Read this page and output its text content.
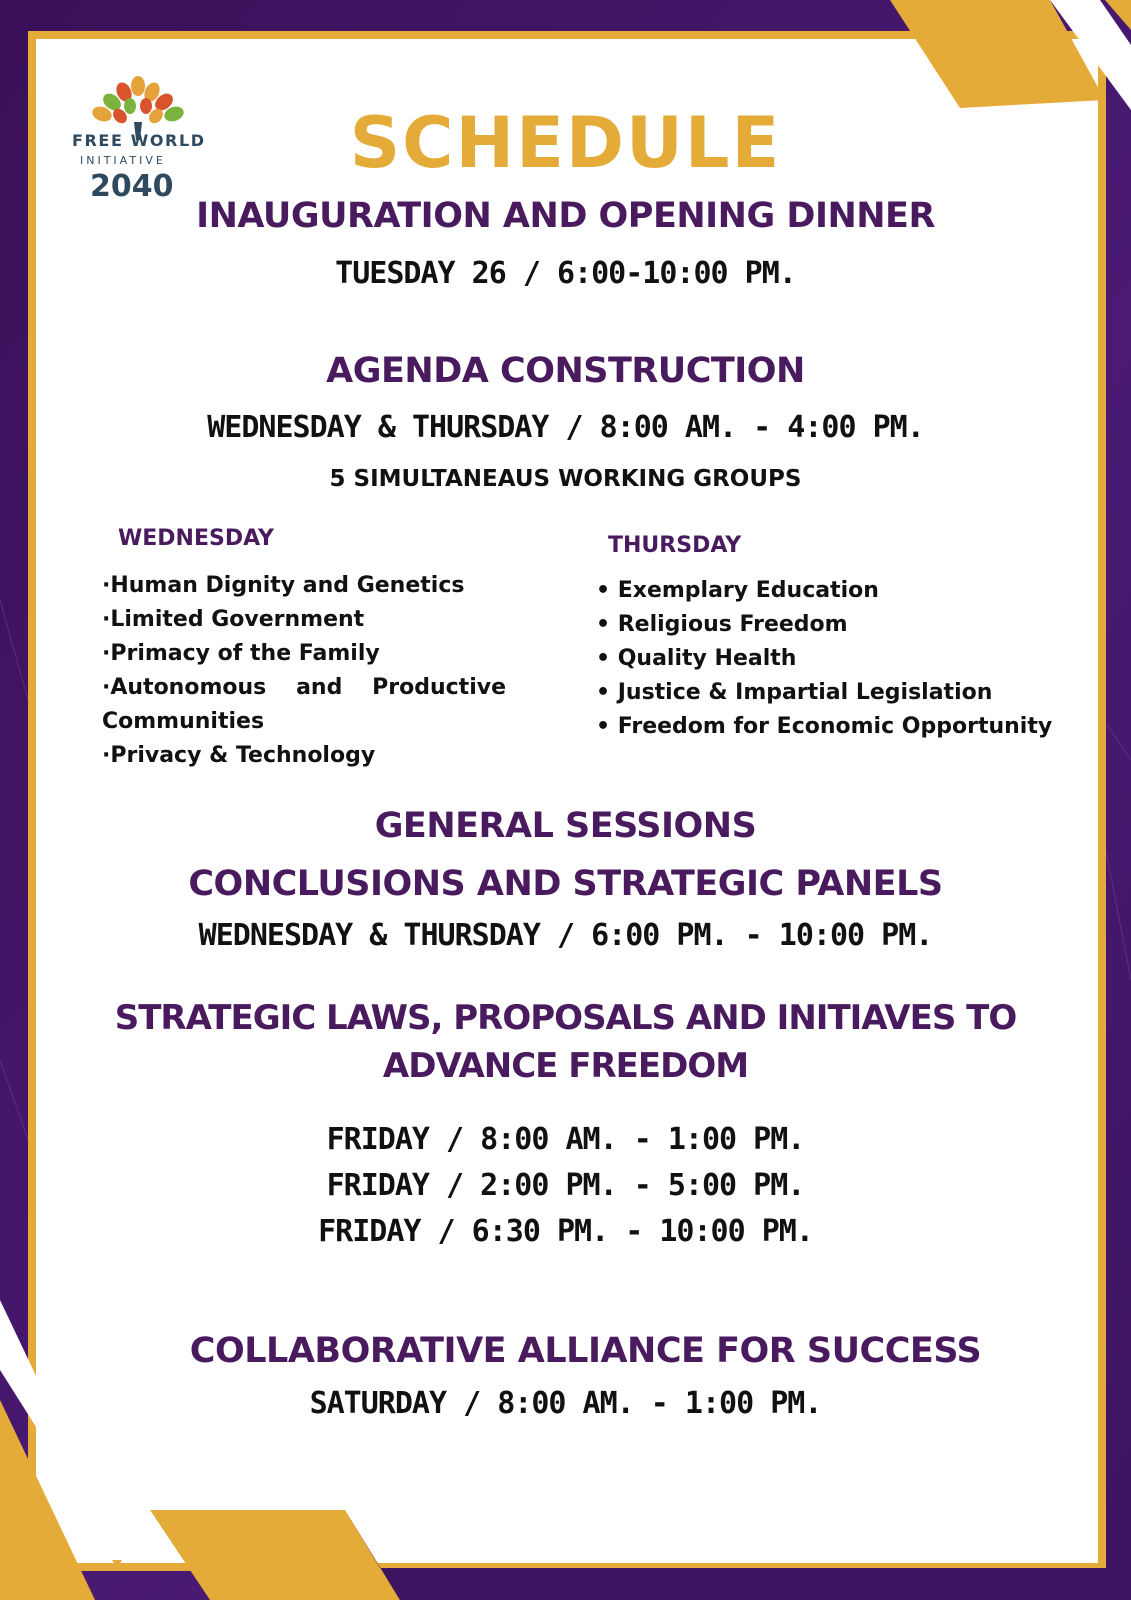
FREE WORLD
INITIATIVE
2040
SCHEDULE
INAUGURATION AND OPENING DINNER
TUESDAY 26 / 6:00-10:00 PM.
AGENDA CONSTRUCTION
WEDNESDAY & THURSDAY / 8:00 AM. - 4:00 PM.
5 SIMULTANEAUS WORKING GROUPS
WEDNESDAY
·Human Dignity and Genetics
·Limited Government
·Primacy of the Family
·Autonomous and Productive Communities
·Privacy & Technology
THURSDAY
• Exemplary Education
• Religious Freedom
• Quality Health
• Justice & Impartial Legislation
• Freedom for Economic Opportunity
GENERAL SESSIONS
CONCLUSIONS AND STRATEGIC PANELS
WEDNESDAY & THURSDAY / 6:00 PM. - 10:00 PM.
STRATEGIC LAWS, PROPOSALS AND INITIAVES TO
ADVANCE FREEDOM
FRIDAY / 8:00 AM. - 1:00 PM.
FRIDAY / 2:00 PM. - 5:00 PM.
FRIDAY / 6:30 PM. - 10:00 PM.
COLLABORATIVE ALLIANCE FOR SUCCESS
SATURDAY / 8:00 AM. - 1:00 PM.
